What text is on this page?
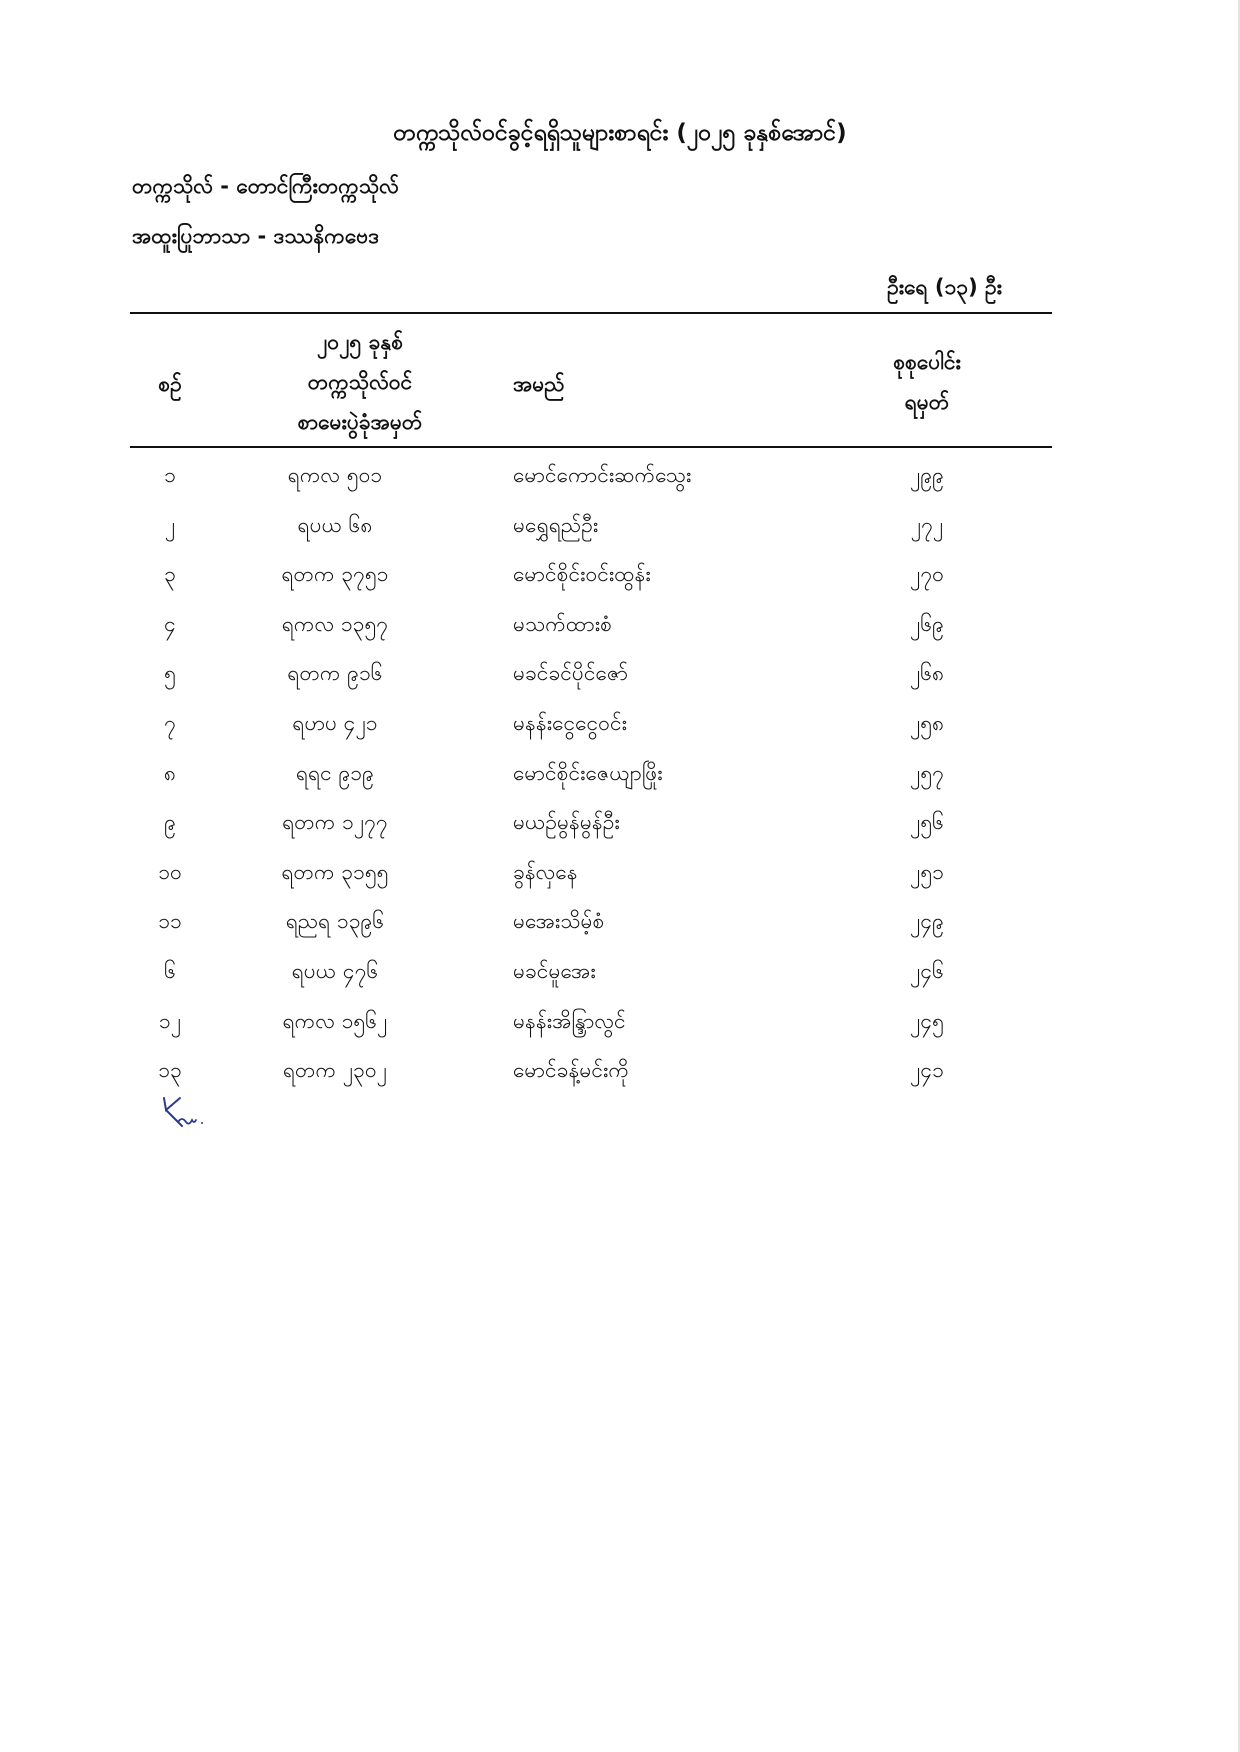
တက္ကသိုလ်ဝင်ခွင့်ရရှိသူများစာရင်း (၂၀၂၅ ခုနှစ်အောင်)
တက္ကသိုလ် - တောင်ကြီးတက္ကသိုလ်
အထူးပြုဘာသာ - ဒဿနိကဗေဒ
ဦးရေ (၁၃) ဦး
စဉ်
၂၀၂၅ ခုနှစ်
တက္ကသိုလ်ဝင်
စာမေးပွဲခုံအမှတ်
အမည်
စုစုပေါင်း
ရမှတ်
၁	ရကလ ၅၀၁	မောင်ကောင်းဆက်သွေး	၂၉၉
၂	ရပယ ၆၈	မရွှေရည်ဦး	၂၇၂
၃	ရတက ၃၇၅၁	မောင်စိုင်းဝင်းထွန်း	၂၇၀
၄	ရကလ ၁၃၅၇	မသက်ထားစံ	၂၆၉
၅	ရတက ၉၁၆	မခင်ခင်ပိုင်ဇော်	၂၆၈
၇	ရဟပ ၄၂၁	မနန်းငွေငွေဝင်း	၂၅၈
၈	ရရင ၉၁၉	မောင်စိုင်းဇေယျာဖြိုး	၂၅၇
၉	ရတက ၁၂၇၇	မယဉ်မွန်မွန်ဦး	၂၅၆
၁၀	ရတက ၃၁၅၅	ခွန်လှနေ	၂၅၁
၁၁	ရညရ ၁၃၉၆	မအေးသိမ့်စံ	၂၄၉
၆	ရပယ ၄၇၆	မခင်မူအေး	၂၄၆
၁၂	ရကလ ၁၅၆၂	မနန်းအိန္ဒြာလွင်	၂၄၅
၁၃	ရတက ၂၃၀၂	မောင်ခန့်မင်းကို	၂၄၁
